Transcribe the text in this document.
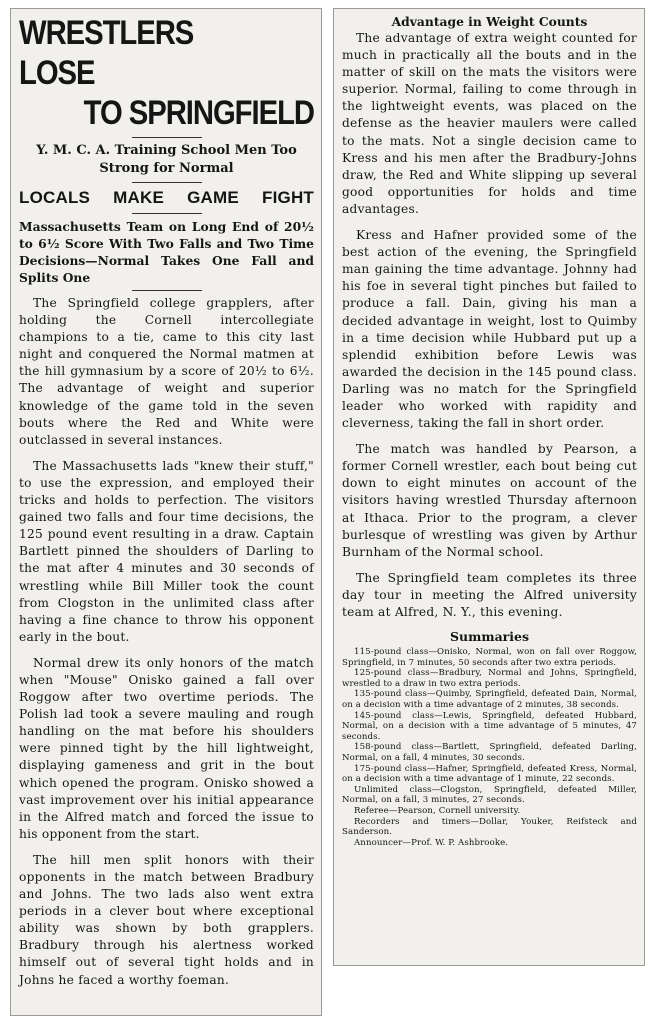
WRESTLERS LOSE
TO SPRINGFIELD
Y. M. C. A. Training School Men Too Strong for Normal
LOCALS MAKE GAME FIGHT
Massachusetts Team on Long End of 20½ to 6½ Score With Two Falls and Two Time Decisions—Normal Takes One Fall and Splits One

The Springfield college grapplers, after holding the Cornell intercollegiate champions to a tie, came to this city last night and conquered the Normal matmen at the hill gymnasium by a score of 20½ to 6½. The advantage of weight and superior knowledge of the game told in the seven bouts where the Red and White were outclassed in several instances.

The Massachusetts lads "knew their stuff," to use the expression, and employed their tricks and holds to perfection. The visitors gained two falls and four time decisions, the 125 pound event resulting in a draw. Captain Bartlett pinned the shoulders of Darling to the mat after 4 minutes and 30 seconds of wrestling while Bill Miller took the count from Clogston in the unlimited class after having a fine chance to throw his opponent early in the bout.

Normal drew its only honors of the match when "Mouse" Onisko gained a fall over Roggow after two overtime periods. The Polish lad took a severe mauling and rough handling on the mat before his shoulders were pinned tight by the hill lightweight, displaying gameness and grit in the bout which opened the program. Onisko showed a vast improvement over his initial appearance in the Alfred match and forced the issue to his opponent from the start.

The hill men split honors with their opponents in the match between Bradbury and Johns. The two lads also went extra periods in a clever bout where exceptional ability was shown by both grapplers. Bradbury through his alertness worked himself out of several tight holds and in Johns he faced a worthy foeman.

Advantage in Weight Counts

The advantage of extra weight counted for much in practically all the bouts and in the matter of skill on the mats the visitors were superior. Normal, failing to come through in the lightweight events, was placed on the defense as the heavier maulers were called to the mats. Not a single decision came to Kress and his men after the Bradbury-Johns draw, the Red and White slipping up several good opportunities for holds and time advantages.

Kress and Hafner provided some of the best action of the evening, the Springfield man gaining the time advantage. Johnny had his foe in several tight pinches but failed to produce a fall. Dain, giving his man a decided advantage in weight, lost to Quimby in a time decision while Hubbard put up a splendid exhibition before Lewis was awarded the decision in the 145 pound class. Darling was no match for the Springfield leader who worked with rapidity and cleverness, taking the fall in short order.

The match was handled by Pearson, a former Cornell wrestler, each bout being cut down to eight minutes on account of the visitors having wrestled Thursday afternoon at Ithaca. Prior to the program, a clever burlesque of wrestling was given by Arthur Burnham of the Normal school.

The Springfield team completes its three day tour in meeting the Alfred university team at Alfred, N. Y., this evening.

Summaries

115-pound class—Onisko, Normal, won on fall over Roggow, Springfield, in 7 minutes, 50 seconds after two extra periods.

125-pound class—Bradbury, Normal and Johns, Springfield, wrestled to a draw in two extra periods.

135-pound class—Quimby, Springfield, defeated Dain, Normal, on a decision with a time advantage of 2 minutes, 38 seconds.

145-pound class—Lewis, Springfield, defeated Hubbard, Normal, on a decision with a time advantage of 5 minutes, 47 seconds.

158-pound class—Bartlett, Springfield, defeated Darling, Normal, on a fall, 4 minutes, 30 seconds.

175-pound class—Hafner, Springfield, defeated Kress, Normal, on a decision with a time advantage of 1 minute, 22 seconds.

Unlimited class—Clogston, Springfield, defeated Miller, Normal, on a fall, 3 minutes, 27 seconds.

Referee—Pearson, Cornell university.

Recorders and timers—Dollar, Youker, Reifsteck and Sanderson.

Announcer—Prof. W. P. Ashbrooke.
